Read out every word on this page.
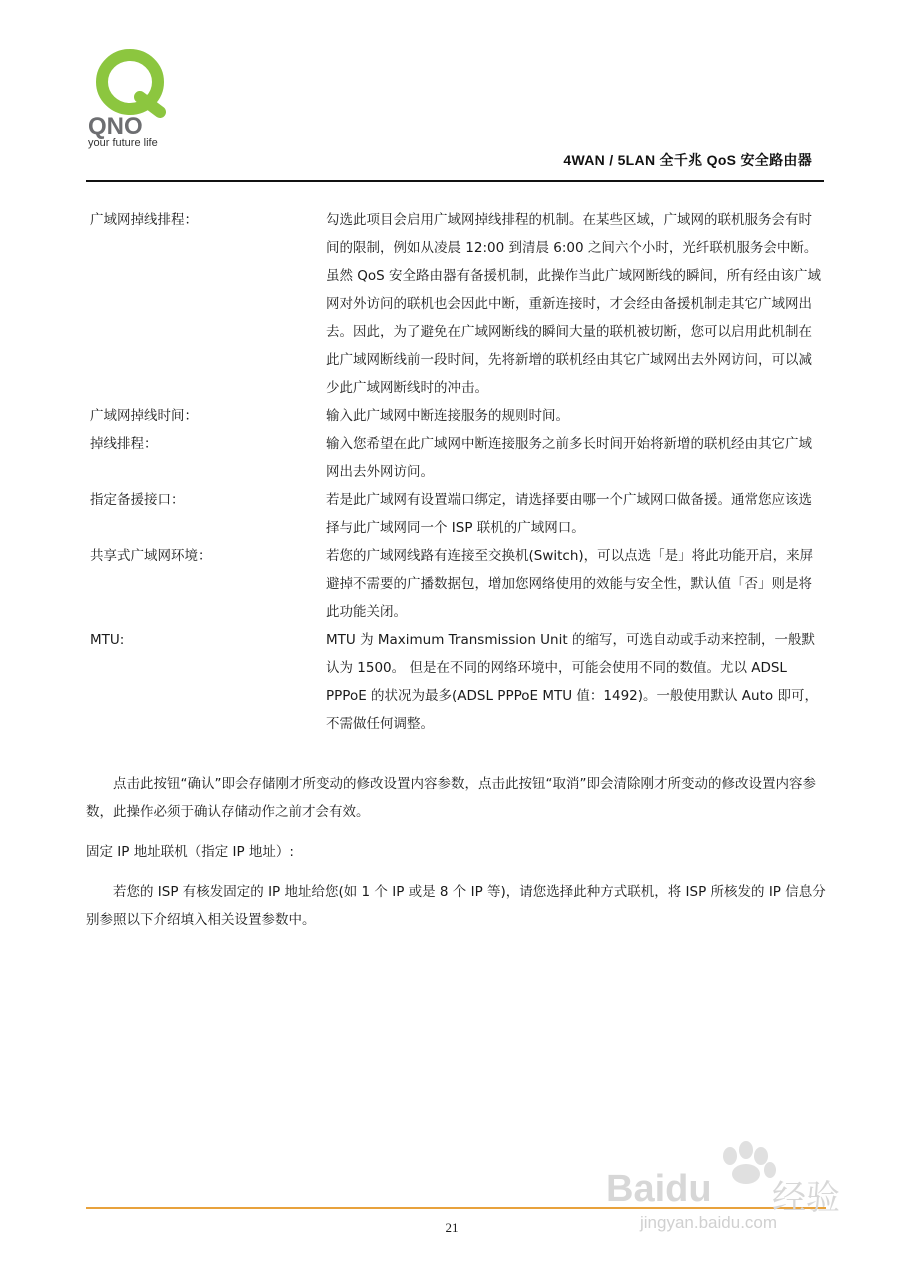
QNO
your future life
4WAN / 5LAN 全千兆 QoS 安全路由器
广域网掉线排程：	勾选此项目会启用广域网掉线排程的机制。在某些区域，广域网的联机服务会有时间的限制，例如从凌晨 12:00 到清晨 6:00 之间六个小时，光纤联机服务会中断。虽然 QoS 安全路由器有备援机制，此操作当此广域网断线的瞬间，所有经由该广域网对外访问的联机也会因此中断，重新连接时，才会经由备援机制走其它广域网出去。因此，为了避免在广域网断线的瞬间大量的联机被切断，您可以启用此机制在此广域网断线前一段时间，先将新增的联机经由其它广域网出去外网访问，可以减少此广域网断线时的冲击。
广域网掉线时间：	输入此广域网中断连接服务的规则时间。
掉线排程：	输入您希望在此广域网中断连接服务之前多长时间开始将新增的联机经由其它广域网出去外网访问。
指定备援接口：	若是此广域网有设置端口绑定，请选择要由哪一个广域网口做备援。通常您应该选择与此广域网同一个 ISP 联机的广域网口。
共享式广域网环境：	若您的广域网线路有连接至交换机(Switch)，可以点选「是」将此功能开启，来屏避掉不需要的广播数据包，增加您网络使用的效能与安全性，默认值「否」则是将此功能关闭。
MTU:	MTU 为 Maximum Transmission Unit 的缩写，可选自动或手动来控制，一般默认为 1500。 但是在不同的网络环境中，可能会使用不同的数值。尤以 ADSL PPPoE 的状况为最多(ADSL PPPoE MTU 值：1492)。一般使用默认 Auto 即可，不需做任何调整。
点击此按钮“确认”即会存储刚才所变动的修改设置内容参数，点击此按钮“取消”即会清除刚才所变动的修改设置内容参数，此操作必须于确认存储动作之前才会有效。
固定 IP 地址联机（指定 IP 地址）:
若您的 ISP 有核发固定的 IP 地址给您(如 1 个 IP 或是 8 个 IP 等)，请您选择此种方式联机，将 ISP 所核发的 IP 信息分别参照以下介绍填入相关设置参数中。
21
Baidu 经验
jingyan.baidu.com
